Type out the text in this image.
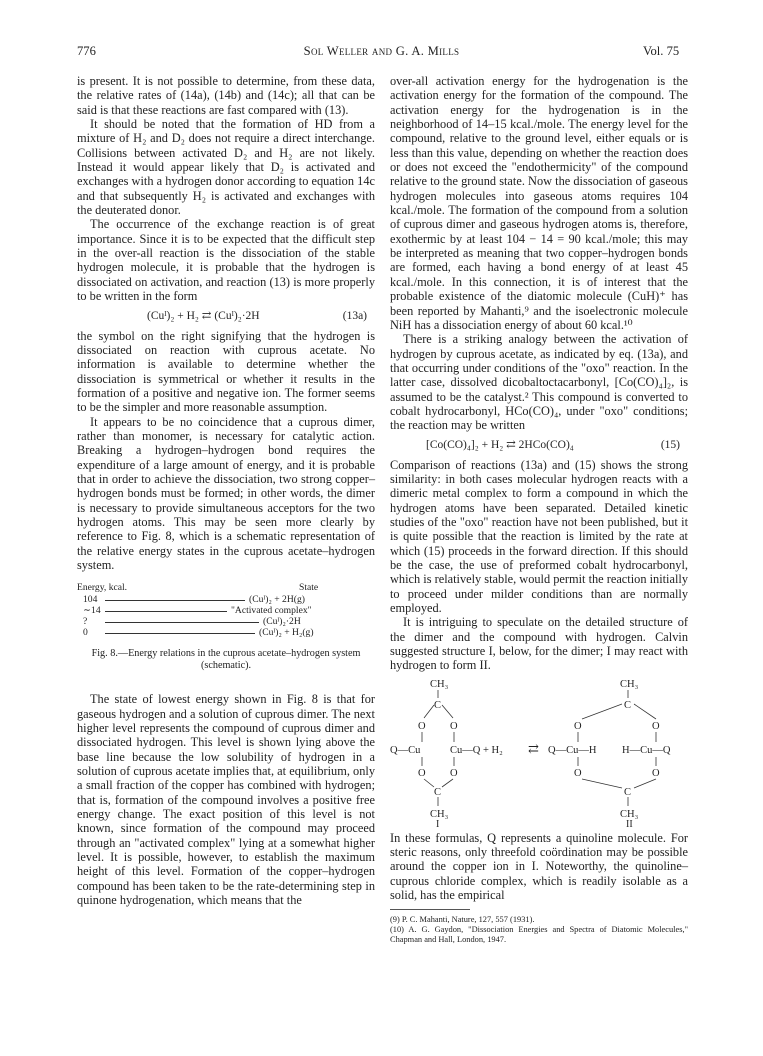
776	Sol Weller and G. A. Mills	Vol. 75

is present. It is not possible to determine, from these data, the relative rates of (14a), (14b) and (14c); all that can be said is that these reactions are fast compared with (13).

It should be noted that the formation of HD from a mixture of H₂ and D₂ does not require a direct interchange. Collisions between activated D₂ and H₂ are not likely. Instead it would appear likely that D₂ is activated and exchanges with a hydrogen donor according to equation 14c and that subsequently H₂ is activated and exchanges with the deuterated donor.

The occurrence of the exchange reaction is of great importance. Since it is to be expected that the difficult step in the over-all reaction is the dissociation of the stable hydrogen molecule, it is probable that the hydrogen is dissociated on activation, and reaction (13) is more properly to be written in the form

(Cuᴵ)₂ + H₂ ⇄ (Cuᴵ)₂·2H	(13a)

the symbol on the right signifying that the hydrogen is dissociated on reaction with cuprous acetate. No information is available to determine whether the dissociation is symmetrical or whether it results in the formation of a positive and negative ion. The former seems to be the simpler and more reasonable assumption.

It appears to be no coincidence that a cuprous dimer, rather than monomer, is necessary for catalytic action. Breaking a hydrogen–hydrogen bond requires the expenditure of a large amount of energy, and it is probable that in order to achieve the dissociation, two strong copper–hydrogen bonds must be formed; in other words, the dimer is necessary to provide simultaneous acceptors for the two hydrogen atoms. This may be seen more clearly by reference to Fig. 8, which is a schematic representation of the relative energy states in the cuprous acetate–hydrogen system.

Energy, kcal.	State
104	(Cuᴵ)₂ + 2H(g)
∼14	"Activated complex"
?	(Cuᴵ)₂·2H
0	(Cuᴵ)₂ + H₂(g)
Fig. 8.—Energy relations in the cuprous acetate–hydrogen system (schematic).

The state of lowest energy shown in Fig. 8 is that for gaseous hydrogen and a solution of cuprous dimer. The next higher level represents the compound of cuprous dimer and dissociated hydrogen. This level is shown lying above the base line because the low solubility of hydrogen in a solution of cuprous acetate implies that, at equilibrium, only a small fraction of the copper has combined with hydrogen; that is, formation of the compound involves a positive free energy change. The exact position of this level is not known, since formation of the compound may proceed through an "activated complex" lying at a somewhat higher level. It is possible, however, to establish the maximum height of this level. Formation of the copper–hydrogen compound has been taken to be the rate-determining step in quinone hydrogenation, which means that the

over-all activation energy for the hydrogenation is the activation energy for the formation of the compound. The activation energy for the hydrogenation is in the neighborhood of 14–15 kcal./mole. The energy level for the compound, relative to the ground level, either equals or is less than this value, depending on whether the reaction does or does not exceed the "endothermicity" of the compound relative to the ground state. Now the dissociation of gaseous hydrogen molecules into gaseous atoms requires 104 kcal./mole. The formation of the compound from a solution of cuprous dimer and gaseous hydrogen atoms is, therefore, exothermic by at least 104 − 14 = 90 kcal./mole; this may be interpreted as meaning that two copper–hydrogen bonds are formed, each having a bond energy of at least 45 kcal./mole. In this connection, it is of interest that the probable existence of the diatomic molecule (CuH)⁺ has been reported by Mahanti,⁹ and the isoelectronic molecule NiH has a dissociation energy of about 60 kcal.¹⁰

There is a striking analogy between the activation of hydrogen by cuprous acetate, as indicated by eq. (13a), and that occurring under conditions of the "oxo" reaction. In the latter case, dissolved dicobaltoctacarbonyl, [Co(CO)₄]₂, is assumed to be the catalyst.² This compound is converted to cobalt hydrocarbonyl, HCo(CO)₄, under "oxo" conditions; the reaction may be written

[Co(CO)₄]₂ + H₂ ⇄ 2HCo(CO)₄	(15)

Comparison of reactions (13a) and (15) shows the strong similarity: in both cases molecular hydrogen reacts with a dimeric metal complex to form a compound in which the hydrogen atoms have been separated. Detailed kinetic studies of the "oxo" reaction have not been published, but it is quite possible that the reaction is limited by the rate at which (15) proceeds in the forward direction. If this should be the case, the use of preformed cobalt hydrocarbonyl, which is relatively stable, would permit the reaction initially to proceed under milder conditions than are normally employed.

It is intriguing to speculate on the detailed structure of the dimer and the compound with hydrogen. Calvin suggested structure I, below, for the dimer; I may react with hydrogen to form II.

CH₃
CH₃
C
C
O O
O O
Q—Cu	Cu—Q + H₂ ⇄
I
CH₃
CH₃
C
C
O	O
O	O
Q—Cu—H H—Cu—Q
II

In these formulas, Q represents a quinoline molecule. For steric reasons, only threefold coördination may be possible around the copper ion in I. Noteworthy, the quinoline–cuprous chloride complex, which is readily isolable as a solid, has the empirical

(9) P. C. Mahanti, Nature, 127, 557 (1931).
(10) A. G. Gaydon, "Dissociation Energies and Spectra of Diatomic Molecules," Chapman and Hall, London, 1947.
